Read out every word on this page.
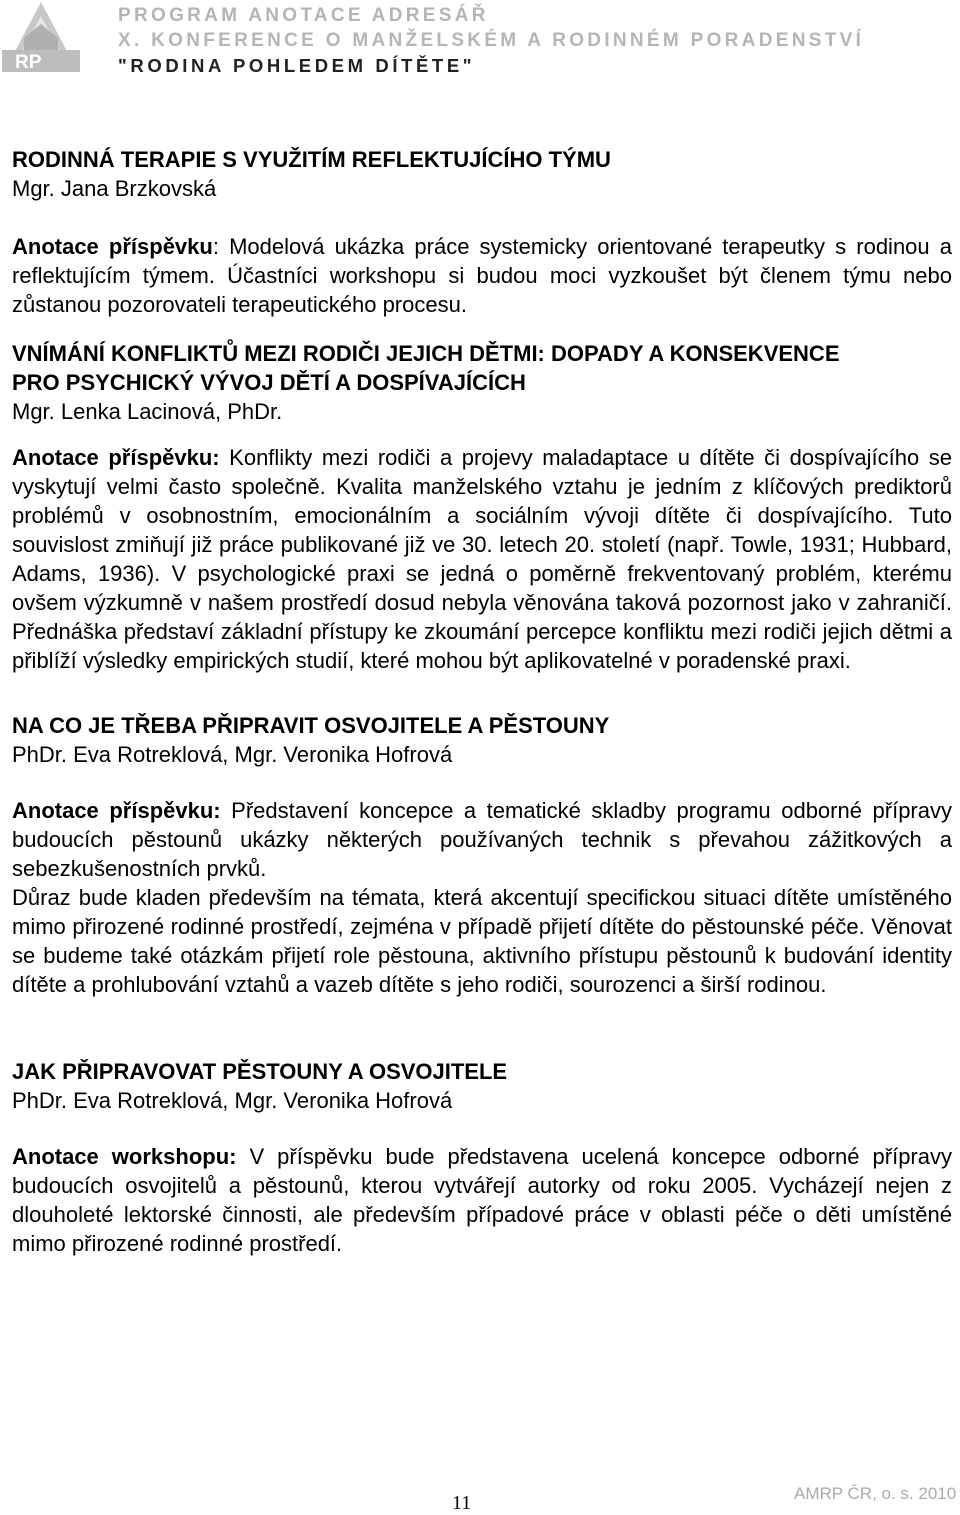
RP
PROGRAM ANOTACE ADRESÁŘ
X. KONFERENCE O MANŽELSKÉM A RODINNÉM PORADENSTVÍ
"RODINA POHLEDEM DÍTĚTE"

RODINNÁ TERAPIE S VYUŽITÍM REFLEKTUJÍCÍHO TÝMU

Mgr. Jana Brzkovská

Anotace příspěvku: Modelová ukázka práce systemicky orientované terapeutky s rodinou a reflektujícím týmem. Účastníci workshopu si budou moci vyzkoušet být členem týmu nebo zůstanou pozorovateli terapeutického procesu.

VNÍMÁNÍ KONFLIKTŮ MEZI RODIČI JEJICH DĚTMI: DOPADY A KONSEKVENCE

PRO PSYCHICKÝ VÝVOJ DĚTÍ A DOSPÍVAJÍCÍCH

Mgr. Lenka Lacinová, PhDr.

Anotace příspěvku: Konflikty mezi rodiči a projevy maladaptace u dítěte či dospívajícího se vyskytují velmi často společně. Kvalita manželského vztahu je jedním z klíčových prediktorů problémů v osobnostním, emocionálním a sociálním vývoji dítěte či dospívajícího. Tuto souvislost zmiňují již práce publikované již ve 30. letech 20. století (např. Towle, 1931; Hubbard, Adams, 1936). V psychologické praxi se jedná o poměrně frekventovaný problém, kterému ovšem výzkumně v našem prostředí dosud nebyla věnována taková pozornost jako v zahraničí. Přednáška představí základní přístupy ke zkoumání percepce konfliktu mezi rodiči jejich dětmi a přiblíží výsledky empirických studií, které mohou být aplikovatelné v poradenské praxi.

NA CO JE TŘEBA PŘIPRAVIT OSVOJITELE A PĚSTOUNY

PhDr. Eva Rotreklová, Mgr. Veronika Hofrová

Anotace příspěvku: Představení koncepce a tematické skladby programu odborné přípravy budoucích pěstounů ukázky některých používaných technik s převahou zážitkových a sebezkušenostních prvků.

Důraz bude kladen především na témata, která akcentují specifickou situaci dítěte umístěného mimo přirozené rodinné prostředí, zejména v případě přijetí dítěte do pěstounské péče. Věnovat se budeme také otázkám přijetí role pěstouna, aktivního přístupu pěstounů k budování identity dítěte a prohlubování vztahů a vazeb dítěte s jeho rodiči, sourozenci a širší rodinou.

JAK PŘIPRAVOVAT PĚSTOUNY A OSVOJITELE

PhDr. Eva Rotreklová, Mgr. Veronika Hofrová

Anotace workshopu: V příspěvku bude představena ucelená koncepce odborné přípravy budoucích osvojitelů a pěstounů, kterou vytvářejí autorky od roku 2005. Vycházejí nejen z dlouholeté lektorské činnosti, ale především případové práce v oblasti péče o děti umístěné mimo přirozené rodinné prostředí.

11	AMRP ČR, o. s. 2010
